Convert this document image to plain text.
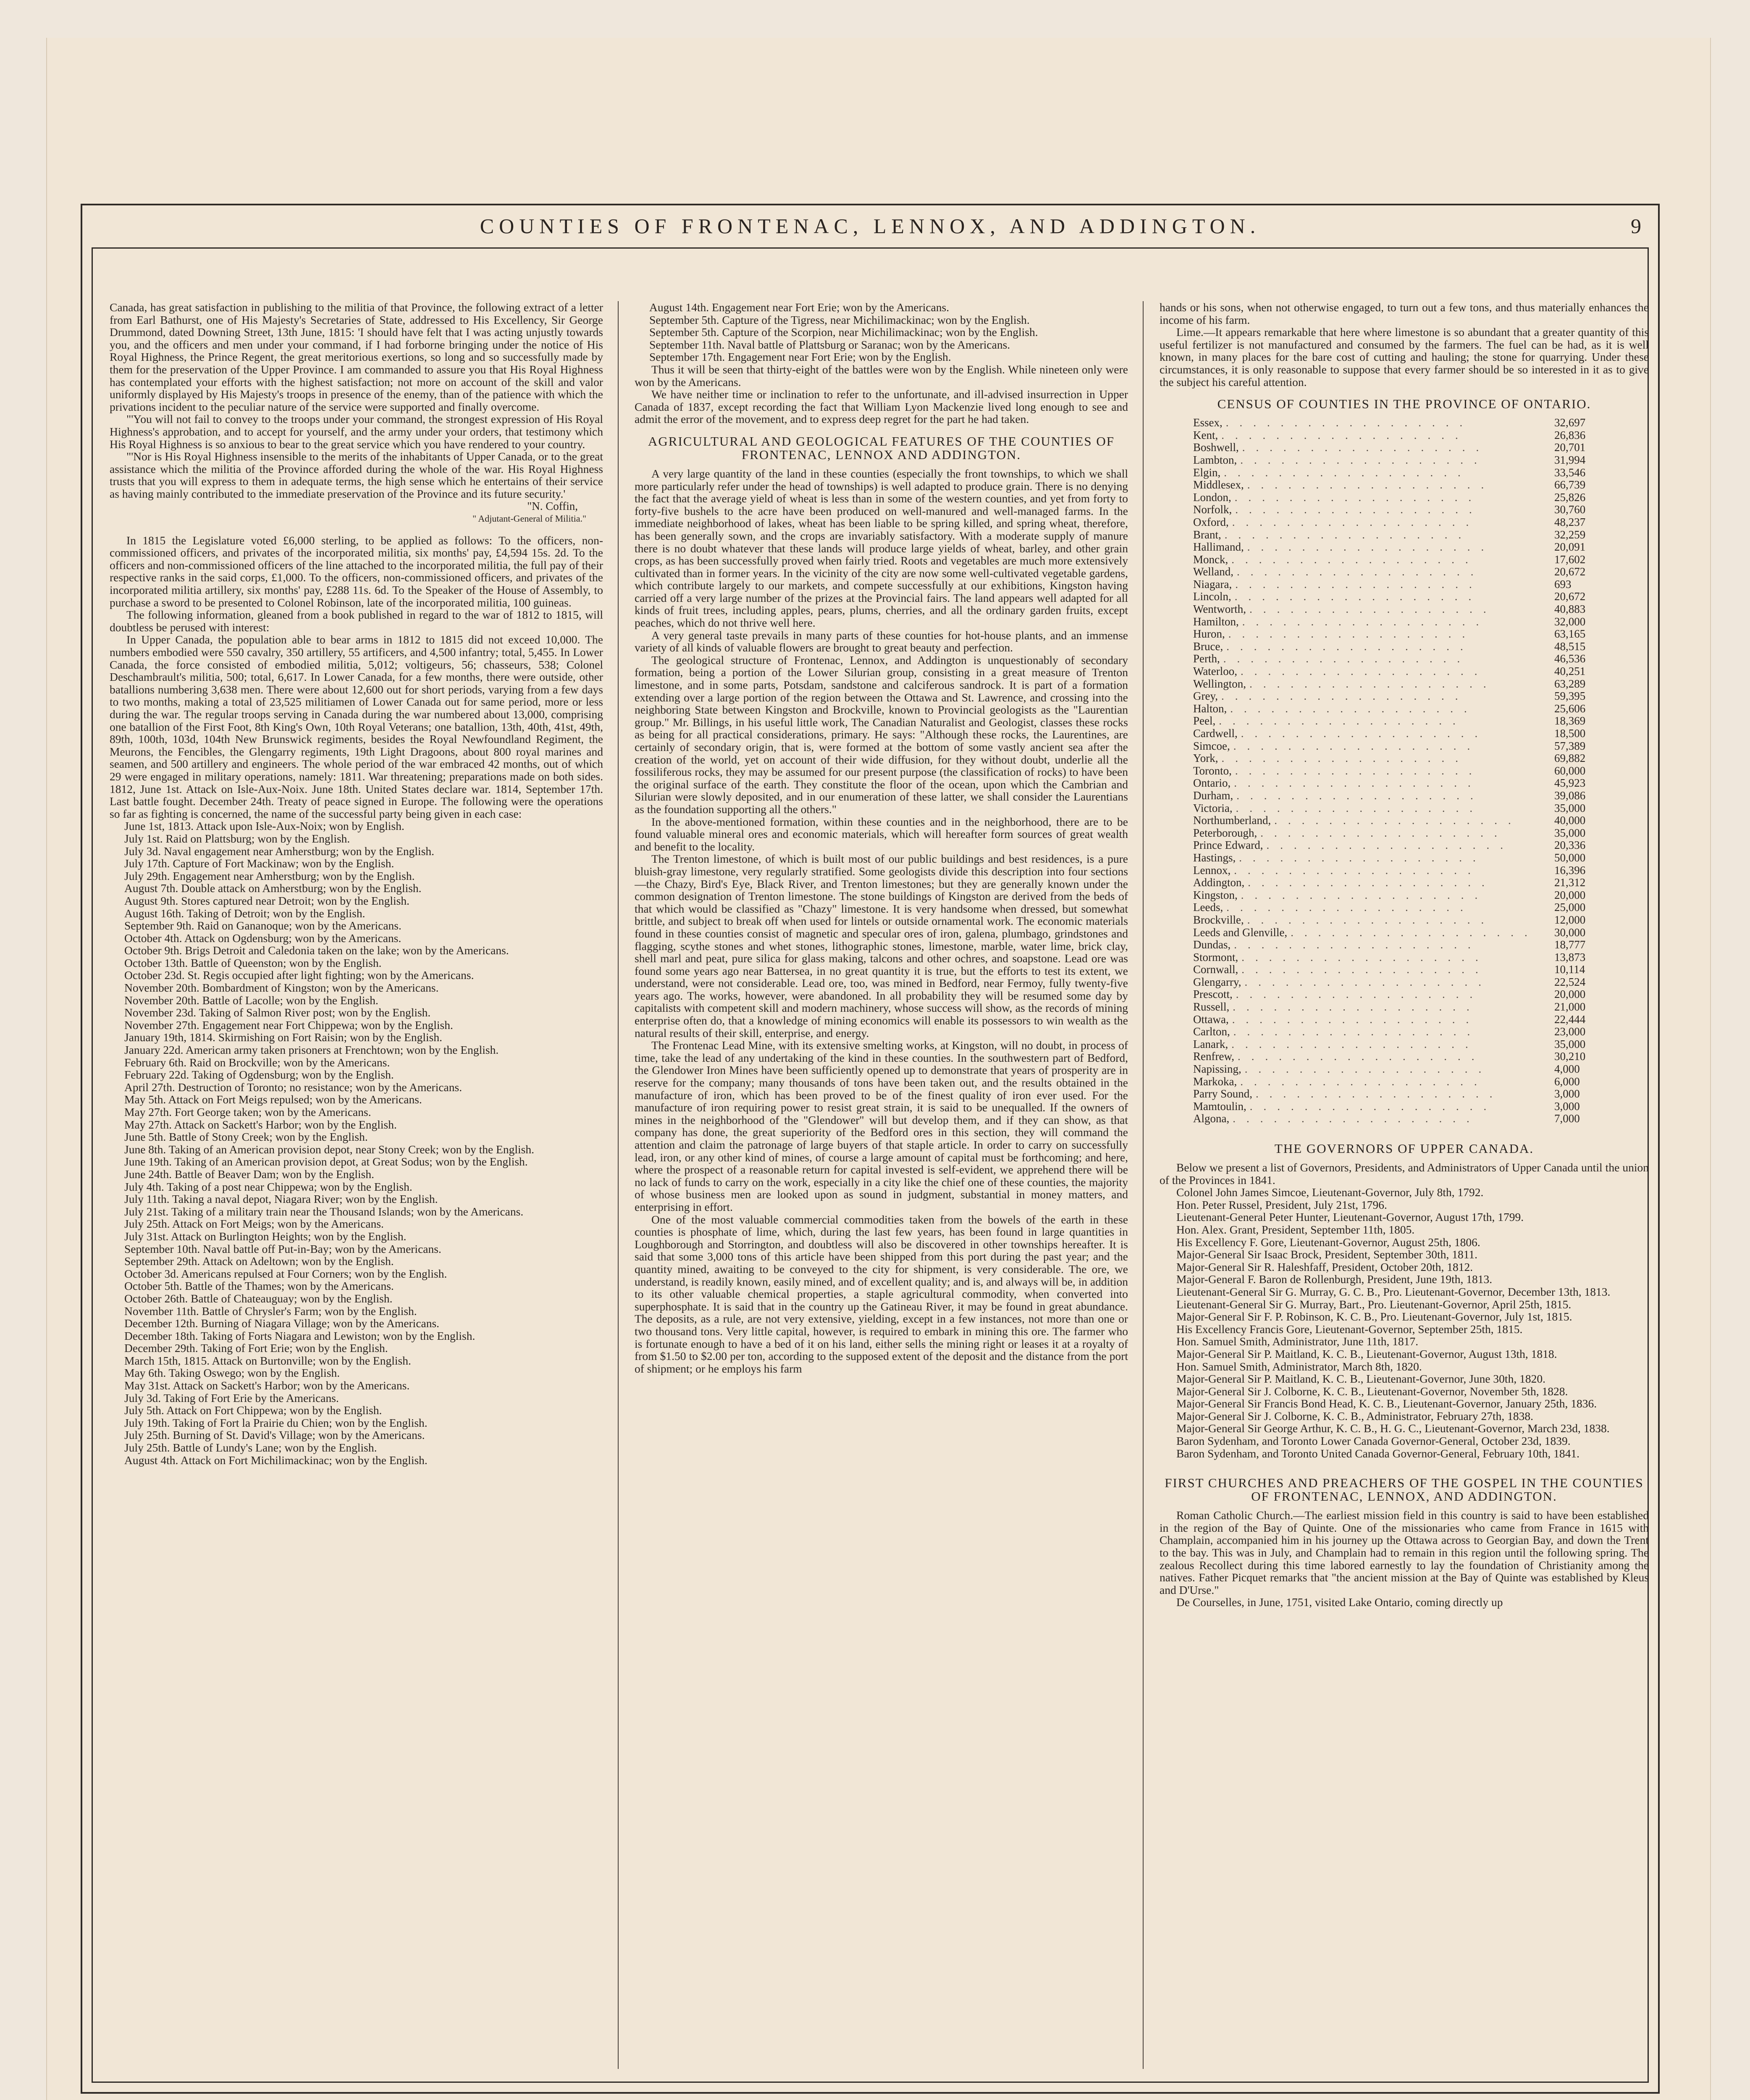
COUNTIES OF FRONTENAC, LENNOX, AND ADDINGTON.	9

Canada, has great satisfaction in publishing to the militia of that Province, the following extract of a letter from Earl Bathurst, one of His Majesty's Secretaries of State, addressed to His Excellency, Sir George Drummond, dated Downing Street, 13th June, 1815: 'I should have felt that I was acting unjustly towards you, and the officers and men under your command, if I had forborne bringing under the notice of His Royal Highness, the Prince Regent, the great meritorious exertions, so long and so successfully made by them for the preservation of the Upper Province. I am commanded to assure you that His Royal Highness has contemplated your efforts with the highest satisfaction; not more on account of the skill and valor uniformly displayed by His Majesty's troops in presence of the enemy, than of the patience with which the privations incident to the peculiar nature of the service were supported and finally overcome.

"'You will not fail to convey to the troops under your command, the strongest expression of His Royal Highness's approbation, and to accept for yourself, and the army under your orders, that testimony which His Royal Highness is so anxious to bear to the great service which you have rendered to your country.

"'Nor is His Royal Highness insensible to the merits of the inhabitants of Upper Canada, or to the great assistance which the militia of the Province afforded during the whole of the war. His Royal Highness trusts that you will express to them in adequate terms, the high sense which he entertains of their service as having mainly contributed to the immediate preservation of the Province and its future security.'

"N. Coffin,
" Adjutant-General of Militia."

In 1815 the Legislature voted £6,000 sterling, to be applied as follows: To the officers, non-commissioned officers, and privates of the incorporated militia, six months' pay, £4,594 15s. 2d. To the officers and non-commissioned officers of the line attached to the incorporated militia, the full pay of their respective ranks in the said corps, £1,000. To the officers, non-commissioned officers, and privates of the incorporated militia artillery, six months' pay, £288 11s. 6d. To the Speaker of the House of Assembly, to purchase a sword to be presented to Colonel Robinson, late of the incorporated militia, 100 guineas.

The following information, gleaned from a book published in regard to the war of 1812 to 1815, will doubtless be perused with interest:

In Upper Canada, the population able to bear arms in 1812 to 1815 did not exceed 10,000. The numbers embodied were 550 cavalry, 350 artillery, 55 artificers, and 4,500 infantry; total, 5,455. In Lower Canada, the force consisted of embodied militia, 5,012; voltigeurs, 56; chasseurs, 538; Colonel Deschambrault's militia, 500; total, 6,617. In Lower Canada, for a few months, there were outside, other batallions numbering 3,638 men. There were about 12,600 out for short periods, varying from a few days to two months, making a total of 23,525 militiamen of Lower Canada out for same period, more or less during the war. The regular troops serving in Canada during the war numbered about 13,000, comprising one batallion of the First Foot, 8th King's Own, 10th Royal Veterans; one batallion, 13th, 40th, 41st, 49th, 89th, 100th, 103d, 104th New Brunswick regiments, besides the Royal Newfoundland Regiment, the Meurons, the Fencibles, the Glengarry regiments, 19th Light Dragoons, about 800 royal marines and seamen, and 500 artillery and engineers. The whole period of the war embraced 42 months, out of which 29 were engaged in military operations, namely: 1811. War threatening; preparations made on both sides. 1812, June 1st. Attack on Isle-Aux-Noix. June 18th. United States declare war. 1814, September 17th. Last battle fought. December 24th. Treaty of peace signed in Europe. The following were the operations so far as fighting is concerned, the name of the successful party being given in each case:

June 1st, 1813. Attack upon Isle-Aux-Noix; won by English.

July 1st. Raid on Plattsburg; won by the English.

July 3d. Naval engagement near Amherstburg; won by the English.

July 17th. Capture of Fort Mackinaw; won by the English.

July 29th. Engagement near Amherstburg; won by the English.

August 7th. Double attack on Amherstburg; won by the English.

August 9th. Stores captured near Detroit; won by the English.

August 16th. Taking of Detroit; won by the English.

September 9th. Raid on Gananoque; won by the Americans.

October 4th. Attack on Ogdensburg; won by the Americans.

October 9th. Brigs Detroit and Caledonia taken on the lake; won by the Americans.

October 13th. Battle of Queenston; won by the English.

October 23d. St. Regis occupied after light fighting; won by the Americans.

November 20th. Bombardment of Kingston; won by the Americans.

November 20th. Battle of Lacolle; won by the English.

November 23d. Taking of Salmon River post; won by the English.

November 27th. Engagement near Fort Chippewa; won by the English.

January 19th, 1814. Skirmishing on Fort Raisin; won by the English.

January 22d. American army taken prisoners at Frenchtown; won by the English.

February 6th. Raid on Brockville; won by the Americans.

February 22d. Taking of Ogdensburg; won by the English.

April 27th. Destruction of Toronto; no resistance; won by the Americans.

May 5th. Attack on Fort Meigs repulsed; won by the Americans.

May 27th. Fort George taken; won by the Americans.

May 27th. Attack on Sackett's Harbor; won by the English.

June 5th. Battle of Stony Creek; won by the English.

June 8th. Taking of an American provision depot, near Stony Creek; won by the English.

June 19th. Taking of an American provision depot, at Great Sodus; won by the English.

June 24th. Battle of Beaver Dam; won by the English.

July 4th. Taking of a post near Chippewa; won by the English.

July 11th. Taking a naval depot, Niagara River; won by the English.

July 21st. Taking of a military train near the Thousand Islands; won by the Americans.

July 25th. Attack on Fort Meigs; won by the Americans.

July 31st. Attack on Burlington Heights; won by the English.

September 10th. Naval battle off Put-in-Bay; won by the Americans.

September 29th. Attack on Adeltown; won by the English.

October 3d. Americans repulsed at Four Corners; won by the English.

October 5th. Battle of the Thames; won by the Americans.

October 26th. Battle of Chateauguay; won by the English.

November 11th. Battle of Chrysler's Farm; won by the English.

December 12th. Burning of Niagara Village; won by the Americans.

December 18th. Taking of Forts Niagara and Lewiston; won by the English.

December 29th. Taking of Fort Erie; won by the English.

March 15th, 1815. Attack on Burtonville; won by the English.

May 6th. Taking Oswego; won by the English.

May 31st. Attack on Sackett's Harbor; won by the Americans.

July 3d. Taking of Fort Erie by the Americans.

July 5th. Attack on Fort Chippewa; won by the English.

July 19th. Taking of Fort la Prairie du Chien; won by the English.

July 25th. Burning of St. David's Village; won by the Americans.

July 25th. Battle of Lundy's Lane; won by the English.

August 4th. Attack on Fort Michilimackinac; won by the English.

August 14th. Engagement near Fort Erie; won by the Americans.

September 5th. Capture of the Tigress, near Michilimackinac; won by the English.

September 5th. Capture of the Scorpion, near Michilimackinac; won by the English.

September 11th. Naval battle of Plattsburg or Saranac; won by the Americans.

September 17th. Engagement near Fort Erie; won by the English.

Thus it will be seen that thirty-eight of the battles were won by the English. While nineteen only were won by the Americans.

We have neither time or inclination to refer to the unfortunate, and ill-advised insurrection in Upper Canada of 1837, except recording the fact that William Lyon Mackenzie lived long enough to see and admit the error of the movement, and to express deep regret for the part he had taken.

AGRICULTURAL AND GEOLOGICAL FEATURES OF THE COUNTIES OF FRONTENAC, LENNOX AND ADDINGTON.

A very large quantity of the land in these counties (especially the front townships, to which we shall more particularly refer under the head of townships) is well adapted to produce grain. There is no denying the fact that the average yield of wheat is less than in some of the western counties, and yet from forty to forty-five bushels to the acre have been produced on well-manured and well-managed farms. In the immediate neighborhood of lakes, wheat has been liable to be spring killed, and spring wheat, therefore, has been generally sown, and the crops are invariably satisfactory. With a moderate supply of manure there is no doubt whatever that these lands will produce large yields of wheat, barley, and other grain crops, as has been successfully proved when fairly tried. Roots and vegetables are much more extensively cultivated than in former years. In the vicinity of the city are now some well-cultivated vegetable gardens, which contribute largely to our markets, and compete successfully at our exhibitions, Kingston having carried off a very large number of the prizes at the Provincial fairs. The land appears well adapted for all kinds of fruit trees, including apples, pears, plums, cherries, and all the ordinary garden fruits, except peaches, which do not thrive well here.

A very general taste prevails in many parts of these counties for hot-house plants, and an immense variety of all kinds of valuable flowers are brought to great beauty and perfection.

The geological structure of Frontenac, Lennox, and Addington is unquestionably of secondary formation, being a portion of the Lower Silurian group, consisting in a great measure of Trenton limestone, and in some parts, Potsdam, sandstone and calciferous sandrock. It is part of a formation extending over a large portion of the region between the Ottawa and St. Lawrence, and crossing into the neighboring State between Kingston and Brockville, known to Provincial geologists as the "Laurentian group." Mr. Billings, in his useful little work, The Canadian Naturalist and Geologist, classes these rocks as being for all practical considerations, primary. He says: "Although these rocks, the Laurentines, are certainly of secondary origin, that is, were formed at the bottom of some vastly ancient sea after the creation of the world, yet on account of their wide diffusion, for they without doubt, underlie all the fossiliferous rocks, they may be assumed for our present purpose (the classification of rocks) to have been the original surface of the earth. They constitute the floor of the ocean, upon which the Cambrian and Silurian were slowly deposited, and in our enumeration of these latter, we shall consider the Laurentians as the foundation supporting all the others."

In the above-mentioned formation, within these counties and in the neighborhood, there are to be found valuable mineral ores and economic materials, which will hereafter form sources of great wealth and benefit to the locality.

The Trenton limestone, of which is built most of our public buildings and best residences, is a pure bluish-gray limestone, very regularly stratified. Some geologists divide this description into four sections—the Chazy, Bird's Eye, Black River, and Trenton limestones; but they are generally known under the common designation of Trenton limestone. The stone buildings of Kingston are derived from the beds of that which would be classified as "Chazy" limestone. It is very handsome when dressed, but somewhat brittle, and subject to break off when used for lintels or outside ornamental work. The economic materials found in these counties consist of magnetic and specular ores of iron, galena, plumbago, grindstones and flagging, scythe stones and whet stones, lithographic stones, limestone, marble, water lime, brick clay, shell marl and peat, pure silica for glass making, talcons and other ochres, and soapstone. Lead ore was found some years ago near Battersea, in no great quantity it is true, but the efforts to test its extent, we understand, were not considerable. Lead ore, too, was mined in Bedford, near Fermoy, fully twenty-five years ago. The works, however, were abandoned. In all probability they will be resumed some day by capitalists with competent skill and modern machinery, whose success will show, as the records of mining enterprise often do, that a knowledge of mining economics will enable its possessors to win wealth as the natural results of their skill, enterprise, and energy.

The Frontenac Lead Mine, with its extensive smelting works, at Kingston, will no doubt, in process of time, take the lead of any undertaking of the kind in these counties. In the southwestern part of Bedford, the Glendower Iron Mines have been sufficiently opened up to demonstrate that years of prosperity are in reserve for the company; many thousands of tons have been taken out, and the results obtained in the manufacture of iron, which has been proved to be of the finest quality of iron ever used. For the manufacture of iron requiring power to resist great strain, it is said to be unequalled. If the owners of mines in the neighborhood of the "Glendower" will but develop them, and if they can show, as that company has done, the great superiority of the Bedford ores in this section, they will command the attention and claim the patronage of large buyers of that staple article. In order to carry on successfully lead, iron, or any other kind of mines, of course a large amount of capital must be forthcoming; and here, where the prospect of a reasonable return for capital invested is self-evident, we apprehend there will be no lack of funds to carry on the work, especially in a city like the chief one of these counties, the majority of whose business men are looked upon as sound in judgment, substantial in money matters, and enterprising in effort.

One of the most valuable commercial commodities taken from the bowels of the earth in these counties is phosphate of lime, which, during the last few years, has been found in large quantities in Loughborough and Storrington, and doubtless will also be discovered in other townships hereafter. It is said that some 3,000 tons of this article have been shipped from this port during the past year; and the quantity mined, awaiting to be conveyed to the city for shipment, is very considerable. The ore, we understand, is readily known, easily mined, and of excellent quality; and is, and always will be, in addition to its other valuable chemical properties, a staple agricultural commodity, when converted into superphosphate. It is said that in the country up the Gatineau River, it may be found in great abundance. The deposits, as a rule, are not very extensive, yielding, except in a few instances, not more than one or two thousand tons. Very little capital, however, is required to embark in mining this ore. The farmer who is fortunate enough to have a bed of it on his land, either sells the mining right or leases it at a royalty of from $1.50 to $2.00 per ton, according to the supposed extent of the deposit and the distance from the port of shipment; or he employs his farm

hands or his sons, when not otherwise engaged, to turn out a few tons, and thus materially enhances the income of his farm.

Lime.—It appears remarkable that here where limestone is so abundant that a greater quantity of this useful fertilizer is not manufactured and consumed by the farmers. The fuel can be had, as it is well known, in many places for the bare cost of cutting and hauling; the stone for quarrying. Under these circumstances, it is only reasonable to suppose that every farmer should be so interested in it as to give the subject his careful attention.

CENSUS OF COUNTIES IN THE PROVINCE OF ONTARIO.
Essex, ..................	32,697
Kent, ..................	26,836
Boshwell, ..................	20,701
Lambton, ..................	31,994
Elgin, ..................	33,546
Middlesex, ..................	66,739
London, ..................	25,826
Norfolk, ..................	30,760
Oxford, ..................	48,237
Brant, ..................	32,259
Hallimand, ..................	20,091
Monck, ..................	17,602
Welland, ..................	20,672
Niagara, ..................	693
Lincoln, ..................	20,672
Wentworth, ..................	40,883
Hamilton, ..................	32,000
Huron, ..................	63,165
Bruce, ..................	48,515
Perth, ..................	46,536
Waterloo, ..................	40,251
Wellington, ..................	63,289
Grey, ..................	59,395
Halton, ..................	25,606
Peel, ..................	18,369
Cardwell, ..................	18,500
Simcoe, ..................	57,389
York, ..................	69,882
Toronto, ..................	60,000
Ontario, ..................	45,923
Durham, ..................	39,086
Victoria, ..................	35,000
Northumberland, ..................	40,000
Peterborough, ..................	35,000
Prince Edward, ..................	20,336
Hastings, ..................	50,000
Lennox, ..................	16,396
Addington, ..................	21,312
Kingston, ..................	20,000
Leeds, ..................	25,000
Brockville, ..................	12,000
Leeds and Glenville, ..................	30,000
Dundas, ..................	18,777
Stormont, ..................	13,873
Cornwall, ..................	10,114
Glengarry, ..................	22,524
Prescott, ..................	20,000
Russell, ..................	21,000
Ottawa, ..................	22,444
Carlton, ..................	23,000
Lanark, ..................	35,000
Renfrew, ..................	30,210
Napissing, ..................	4,000
Markoka, ..................	6,000
Parry Sound, ..................	3,000
Mamtoulin, ..................	3,000
Algona, ..................	7,000
THE GOVERNORS OF UPPER CANADA.

Below we present a list of Governors, Presidents, and Administrators of Upper Canada until the union of the Provinces in 1841.

Colonel John James Simcoe, Lieutenant-Governor, July 8th, 1792.

Hon. Peter Russel, President, July 21st, 1796.

Lieutenant-General Peter Hunter, Lieutenant-Governor, August 17th, 1799.

Hon. Alex. Grant, President, September 11th, 1805.

His Excellency F. Gore, Lieutenant-Governor, August 25th, 1806.

Major-General Sir Isaac Brock, President, September 30th, 1811.

Major-General Sir R. Haleshfaff, President, October 20th, 1812.

Major-General F. Baron de Rollenburgh, President, June 19th, 1813.

Lieutenant-General Sir G. Murray, G. C. B., Pro. Lieutenant-Governor, December 13th, 1813.

Lieutenant-General Sir G. Murray, Bart., Pro. Lieutenant-Governor, April 25th, 1815.

Major-General Sir F. P. Robinson, K. C. B., Pro. Lieutenant-Governor, July 1st, 1815.

His Excellency Francis Gore, Lieutenant-Governor, September 25th, 1815.

Hon. Samuel Smith, Administrator, June 11th, 1817.

Major-General Sir P. Maitland, K. C. B., Lieutenant-Governor, August 13th, 1818.

Hon. Samuel Smith, Administrator, March 8th, 1820.

Major-General Sir P. Maitland, K. C. B., Lieutenant-Governor, June 30th, 1820.

Major-General Sir J. Colborne, K. C. B., Lieutenant-Governor, November 5th, 1828.

Major-General Sir Francis Bond Head, K. C. B., Lieutenant-Governor, January 25th, 1836.

Major-General Sir J. Colborne, K. C. B., Administrator, February 27th, 1838.

Major-General Sir George Arthur, K. C. B., H. G. C., Lieutenant-Governor, March 23d, 1838.

Baron Sydenham, and Toronto Lower Canada Governor-General, October 23d, 1839.

Baron Sydenham, and Toronto United Canada Governor-General, February 10th, 1841.

FIRST CHURCHES AND PREACHERS OF THE GOSPEL IN THE COUNTIES OF FRONTENAC, LENNOX, AND ADDINGTON.

Roman Catholic Church.—The earliest mission field in this country is said to have been established in the region of the Bay of Quinte. One of the missionaries who came from France in 1615 with Champlain, accompanied him in his journey up the Ottawa across to Georgian Bay, and down the Trent to the bay. This was in July, and Champlain had to remain in this region until the following spring. The zealous Recollect during this time labored earnestly to lay the foundation of Christianity among the natives. Father Picquet remarks that "the ancient mission at the Bay of Quinte was established by Kleus and D'Urse."

De Courselles, in June, 1751, visited Lake Ontario, coming directly up
